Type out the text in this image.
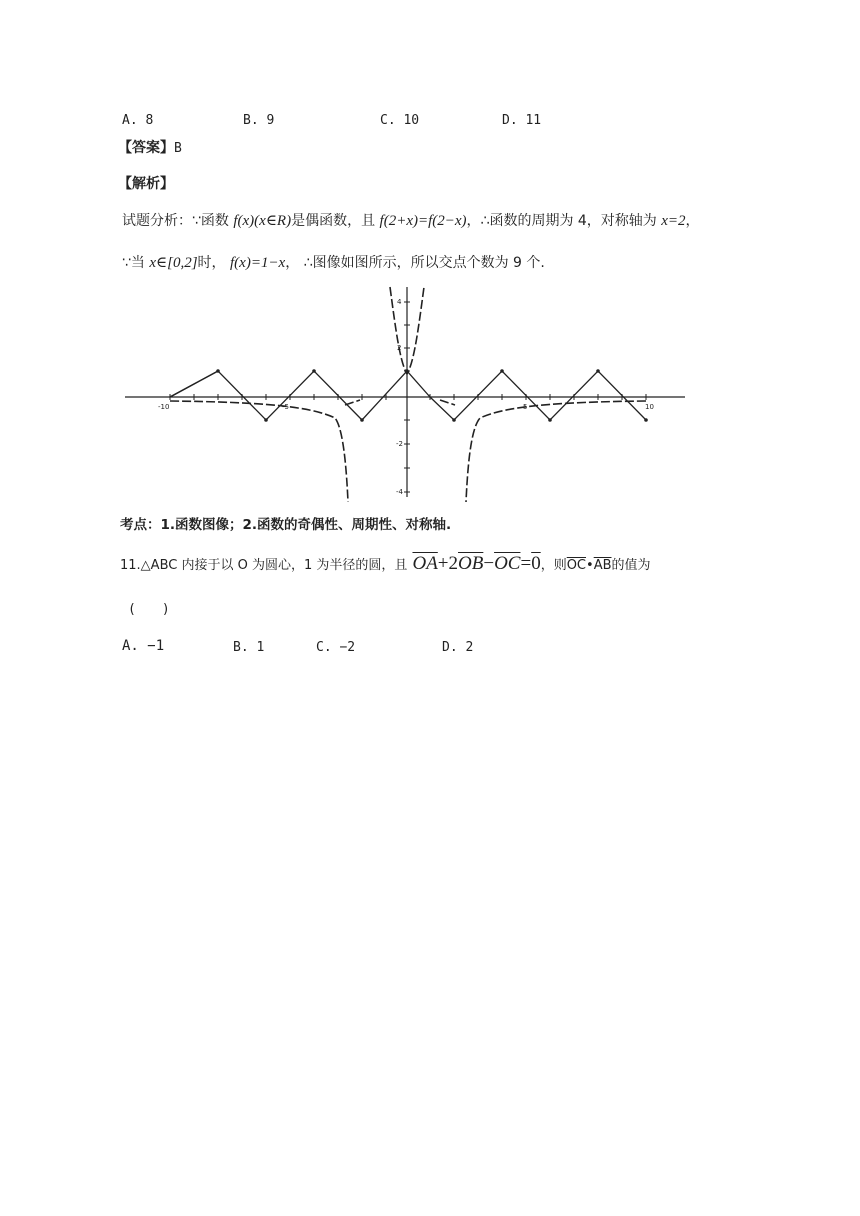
A. 8	B. 9	C. 10	D. 11
【答案】B
【解析】
试题分析：∵函数 f(x)(x∈R)是偶函数，且 f(2+x)=f(2−x)，∴函数的周期为 4，对称轴为 x=2，
∵当 x∈[0,2]时， f(x)=1−x， ∴图像如图所示，所以交点个数为 9 个.
-10	-5	5	10
4
2
-2
-4
考点：1.函数图像；2.函数的奇偶性、周期性、对称轴.
11.△ABC 内接于以 O 为圆心，1 为半径的圆，且 $\overline{OA}+2\overline{OB}-\overline{OC}=0$，则$\overline{OC}•\overline{AB}$的值为
(　　)
A. −1	B. 1	C. −2	D. 2
